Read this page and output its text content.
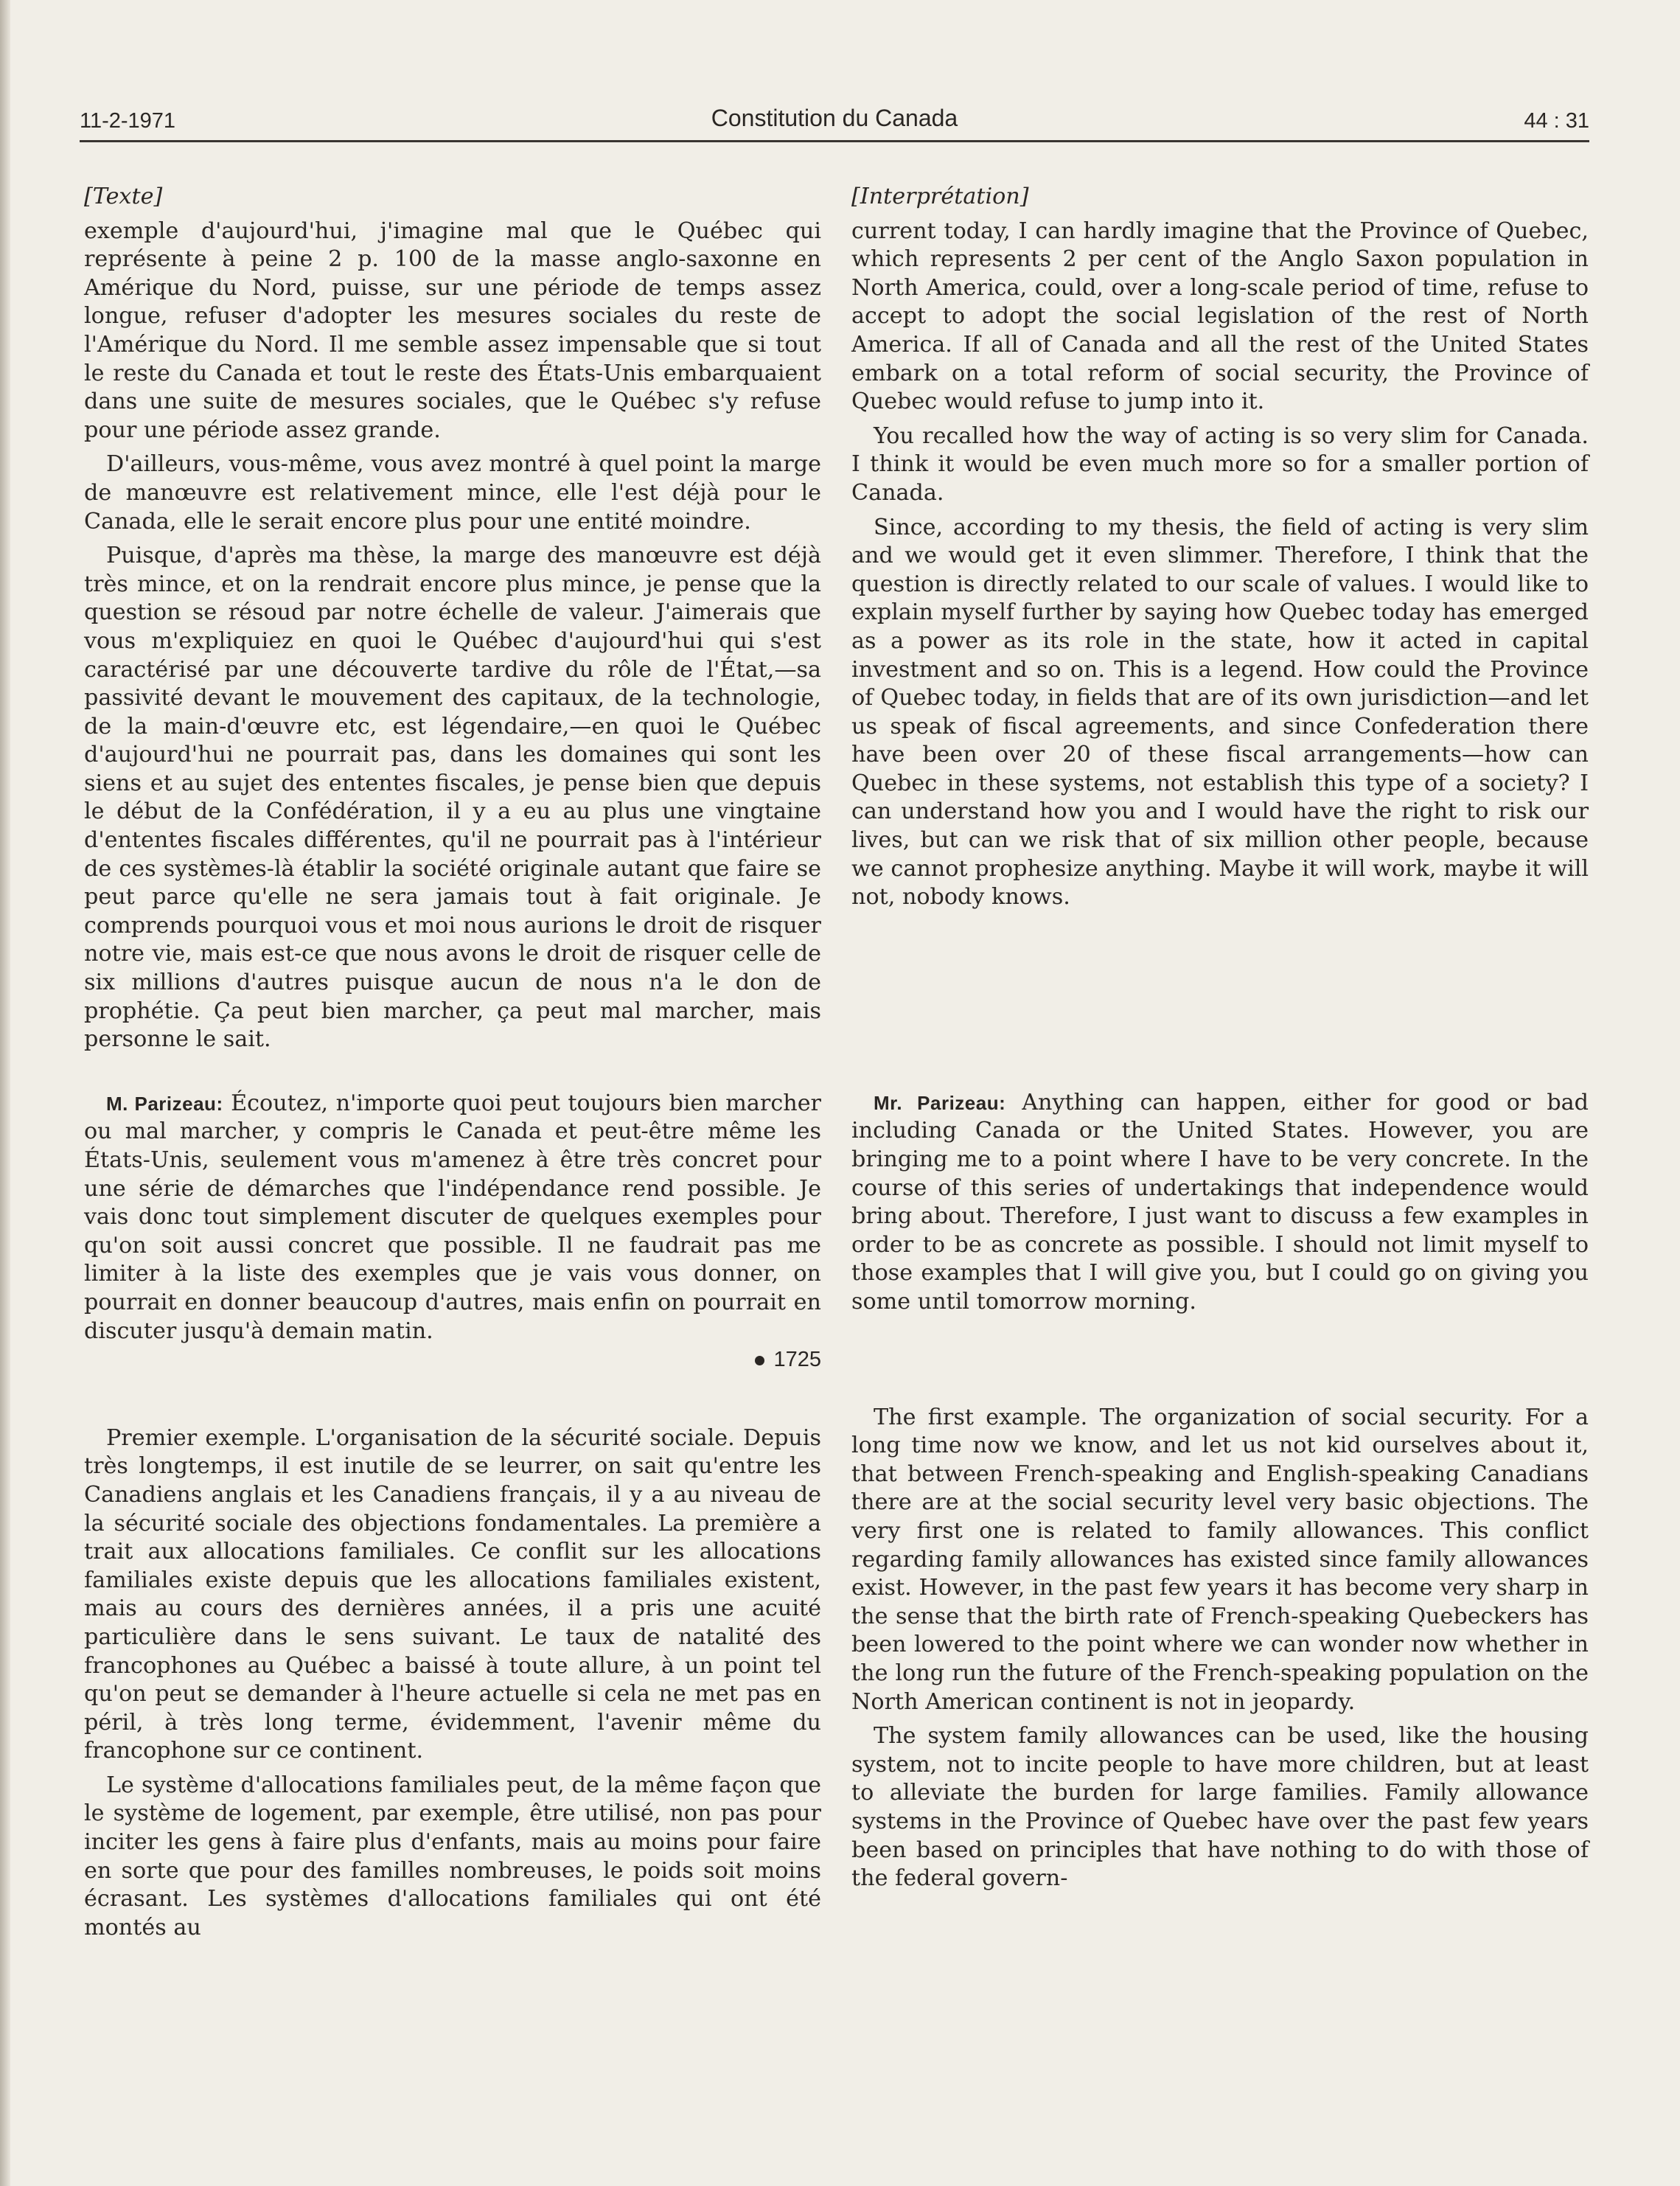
11-2-1971	Constitution du Canada	44 : 31

[Texte]

exemple d'aujourd'hui, j'imagine mal que le Québec qui représente à peine 2 p. 100 de la masse anglo-saxonne en Amérique du Nord, puisse, sur une période de temps assez longue, refuser d'adopter les mesures sociales du reste de l'Amérique du Nord. Il me semble assez impensable que si tout le reste du Canada et tout le reste des États-Unis embarquaient dans une suite de mesures sociales, que le Québec s'y refuse pour une période assez grande.

D'ailleurs, vous-même, vous avez montré à quel point la marge de manœuvre est relativement mince, elle l'est déjà pour le Canada, elle le serait encore plus pour une entité moindre.

Puisque, d'après ma thèse, la marge des manœuvre est déjà très mince, et on la rendrait encore plus mince, je pense que la question se résoud par notre échelle de valeur. J'aimerais que vous m'expliquiez en quoi le Québec d'aujourd'hui qui s'est caractérisé par une découverte tardive du rôle de l'État,—sa passivité devant le mouvement des capitaux, de la technologie, de la main-d'œuvre etc, est légendaire,—en quoi le Québec d'aujourd'hui ne pourrait pas, dans les domaines qui sont les siens et au sujet des ententes fiscales, je pense bien que depuis le début de la Confédération, il y a eu au plus une vingtaine d'ententes fiscales différentes, qu'il ne pourrait pas à l'intérieur de ces systèmes-là établir la société originale autant que faire se peut parce qu'elle ne sera jamais tout à fait originale. Je comprends pourquoi vous et moi nous aurions le droit de risquer notre vie, mais est-ce que nous avons le droit de risquer celle de six millions d'autres puisque aucun de nous n'a le don de prophétie. Ça peut bien marcher, ça peut mal marcher, mais personne le sait.

M. Parizeau: Écoutez, n'importe quoi peut toujours bien marcher ou mal marcher, y compris le Canada et peut-être même les États-Unis, seulement vous m'amenez à être très concret pour une série de démarches que l'indépendance rend possible. Je vais donc tout simplement discuter de quelques exemples pour qu'on soit aussi concret que possible. Il ne faudrait pas me limiter à la liste des exemples que je vais vous donner, on pourrait en donner beaucoup d'autres, mais enfin on pourrait en discuter jusqu'à demain matin.

1725

Premier exemple. L'organisation de la sécurité sociale. Depuis très longtemps, il est inutile de se leurrer, on sait qu'entre les Canadiens anglais et les Canadiens français, il y a au niveau de la sécurité sociale des objections fondamentales. La première a trait aux allocations familiales. Ce conflit sur les allocations familiales existe depuis que les allocations familiales existent, mais au cours des dernières années, il a pris une acuité particulière dans le sens suivant. Le taux de natalité des francophones au Québec a baissé à toute allure, à un point tel qu'on peut se demander à l'heure actuelle si cela ne met pas en péril, à très long terme, évidemment, l'avenir même du francophone sur ce continent.

Le système d'allocations familiales peut, de la même façon que le système de logement, par exemple, être utilisé, non pas pour inciter les gens à faire plus d'enfants, mais au moins pour faire en sorte que pour des familles nombreuses, le poids soit moins écrasant. Les systèmes d'allocations familiales qui ont été montés au

[Interprétation]

current today, I can hardly imagine that the Province of Quebec, which represents 2 per cent of the Anglo Saxon population in North America, could, over a long-scale period of time, refuse to accept to adopt the social legislation of the rest of North America. If all of Canada and all the rest of the United States embark on a total reform of social security, the Province of Quebec would refuse to jump into it.

You recalled how the way of acting is so very slim for Canada. I think it would be even much more so for a smaller portion of Canada.

Since, according to my thesis, the field of acting is very slim and we would get it even slimmer. Therefore, I think that the question is directly related to our scale of values. I would like to explain myself further by saying how Quebec today has emerged as a power as its role in the state, how it acted in capital investment and so on. This is a legend. How could the Province of Quebec today, in fields that are of its own jurisdiction—and let us speak of fiscal agreements, and since Confederation there have been over 20 of these fiscal arrangements—how can Quebec in these systems, not establish this type of a society? I can understand how you and I would have the right to risk our lives, but can we risk that of six million other people, because we cannot prophesize anything. Maybe it will work, maybe it will not, nobody knows.

Mr. Parizeau: Anything can happen, either for good or bad including Canada or the United States. However, you are bringing me to a point where I have to be very concrete. In the course of this series of undertakings that independence would bring about. Therefore, I just want to discuss a few examples in order to be as concrete as possible. I should not limit myself to those examples that I will give you, but I could go on giving you some until tomorrow morning.

The first example. The organization of social security. For a long time now we know, and let us not kid ourselves about it, that between French-speaking and English-speaking Canadians there are at the social security level very basic objections. The very first one is related to family allowances. This conflict regarding family allowances has existed since family allowances exist. However, in the past few years it has become very sharp in the sense that the birth rate of French-speaking Quebeckers has been lowered to the point where we can wonder now whether in the long run the future of the French-speaking population on the North American continent is not in jeopardy.

The system family allowances can be used, like the housing system, not to incite people to have more children, but at least to alleviate the burden for large families. Family allowance systems in the Province of Quebec have over the past few years been based on principles that have nothing to do with those of the federal govern-
